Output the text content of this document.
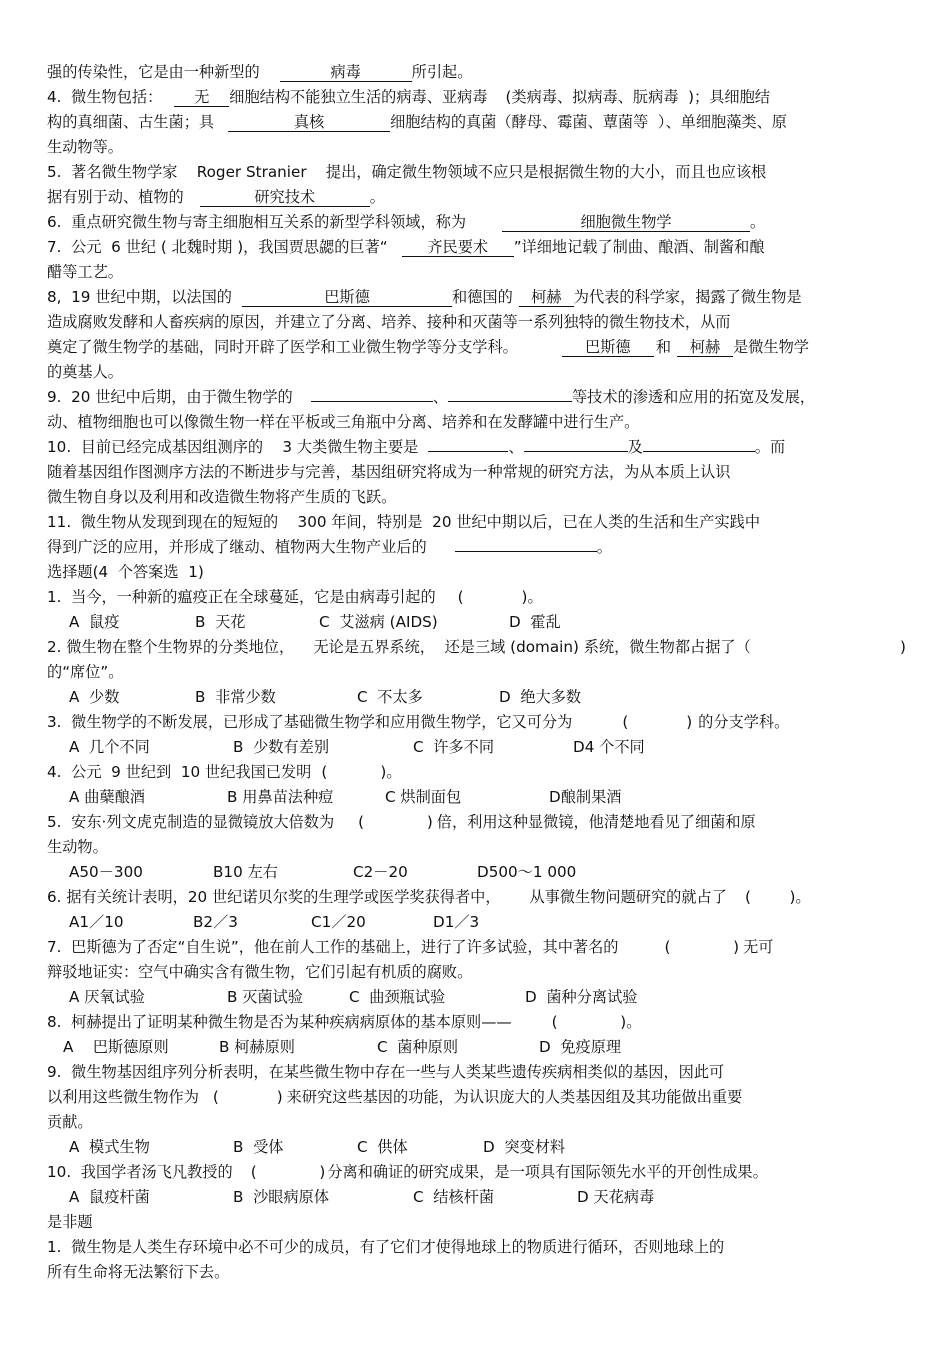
强的传染性，它是由一种新型的	病毒	所引起。
4.  微生物包括： 无 细胞结构不能独立生活的病毒、亚病毒 (类病毒、拟病毒、朊病毒  )；具细胞结
构的真细菌、古生菌；具	真核	细胞结构的真菌（酵母、霉菌、蕈菌等  ）、单细胞藻类、原
生动物等。
5.  著名微生物学家    Roger Stranier    提出，确定微生物领域不应只是根据微生物的大小，而且也应该根
据有别于动、植物的	研究技术	。
6.  重点研究微生物与寄主细胞相互关系的新型学科领域，称为	细胞微生物学	。
7.  公元  6 世纪 ( 北魏时期 )，我国贾思勰的巨著“	齐民要术 ”详细地记载了制曲、酿酒、制酱和酿
醋等工艺。
8,  19 世纪中期，以法国的	巴斯德	和德国的 柯赫 为代表的科学家，揭露了微生物是
造成腐败发酵和人畜疾病的原因，并建立了分离、培养、接种和灭菌等一系列独特的微生物技术，从而
奠定了微生物学的基础，同时开辟了医学和工业微生物学等分支学科。	巴斯德 和 柯赫 是微生物学
的奠基人。
9.  20 世纪中后期，由于微生物学的	、	等技术的渗透和应用的拓宽及发展，
动、植物细胞也可以像微生物一样在平板或三角瓶中分离、培养和在发酵罐中进行生产。
10.  目前已经完成基因组测序的    3 大类微生物主要是	、	及	。而
随着基因组作图测序方法的不断进步与完善，基因组研究将成为一种常规的研究方法，为从本质上认识
微生物自身以及利用和改造微生物将产生质的飞跃。
11.  微生物从发现到现在的短短的    300 年间，特别是  20 世纪中期以后，已在人类的生活和生产实践中
得到广泛的应用，并形成了继动、植物两大生物产业后的	。
选择题(4  个答案选  1)
1.  当今，一种新的瘟疫正在全球蔓延，它是由病毒引起的 (            )。
A  鼠疫	B  天花	C  艾滋病 (AIDS)	D  霍乱
2. 微生物在整个生物界的分类地位，    无论是五界系统，  还是三域 (domain) 系统，微生物都占据了（	)
的“席位”。
A  少数	B  非常少数	C  不太多	D  绝大多数
3.  微生物学的不断发展，已形成了基础微生物学和应用微生物学，它又可分为	(            ) 的分支学科。
A  几个不同	B  少数有差别	C  许多不同	D4 个不同
4.  公元  9 世纪到  10 世纪我国已发明 (           )。
A 曲蘖酿酒	B 用鼻苗法种痘	C 烘制面包	D酿制果酒
5.  安东·列文虎克制造的显微镜放大倍数为 (             ) 倍，利用这种显微镜，他清楚地看见了细菌和原
生动物。
A50－300	B10 左右	C2－20	D500～1 000
6. 据有关统计表明，20 世纪诺贝尔奖的生理学或医学奖获得者中，      从事微生物问题研究的就占了 (        )。
A1／10	B2／3	C1／20	D1／3
7.  巴斯德为了否定“自生说”，他在前人工作的基础上，进行了许多试验，其中著名的	(             ) 无可
辩驳地证实：空气中确实含有微生物，它们引起有机质的腐败。
A 厌氧试验	B 灭菌试验	C  曲颈瓶试验	D  菌种分离试验
8.  柯赫提出了证明某种微生物是否为某种疾病病原体的基本原则——	(             )。
A    巴斯德原则	B 柯赫原则	C  菌种原则	D  免疫原理
9.  微生物基因组序列分析表明，在某些微生物中存在一些与人类某些遗传疾病相类似的基因，因此可
以利用这些微生物作为 (            ) 来研究这些基因的功能，为认识庞大的人类基因组及其功能做出重要
贡献。
A  模式生物	B  受体	C  供体	D  突变材料
10.  我国学者汤飞凡教授的 (             ) 分离和确证的研究成果，是一项具有国际领先水平的开创性成果。
A  鼠疫杆菌	B  沙眼病原体	C  结核杆菌	D 天花病毒
是非题
1.  微生物是人类生存环境中必不可少的成员，有了它们才使得地球上的物质进行循环，否则地球上的
所有生命将无法繁衍下去。
